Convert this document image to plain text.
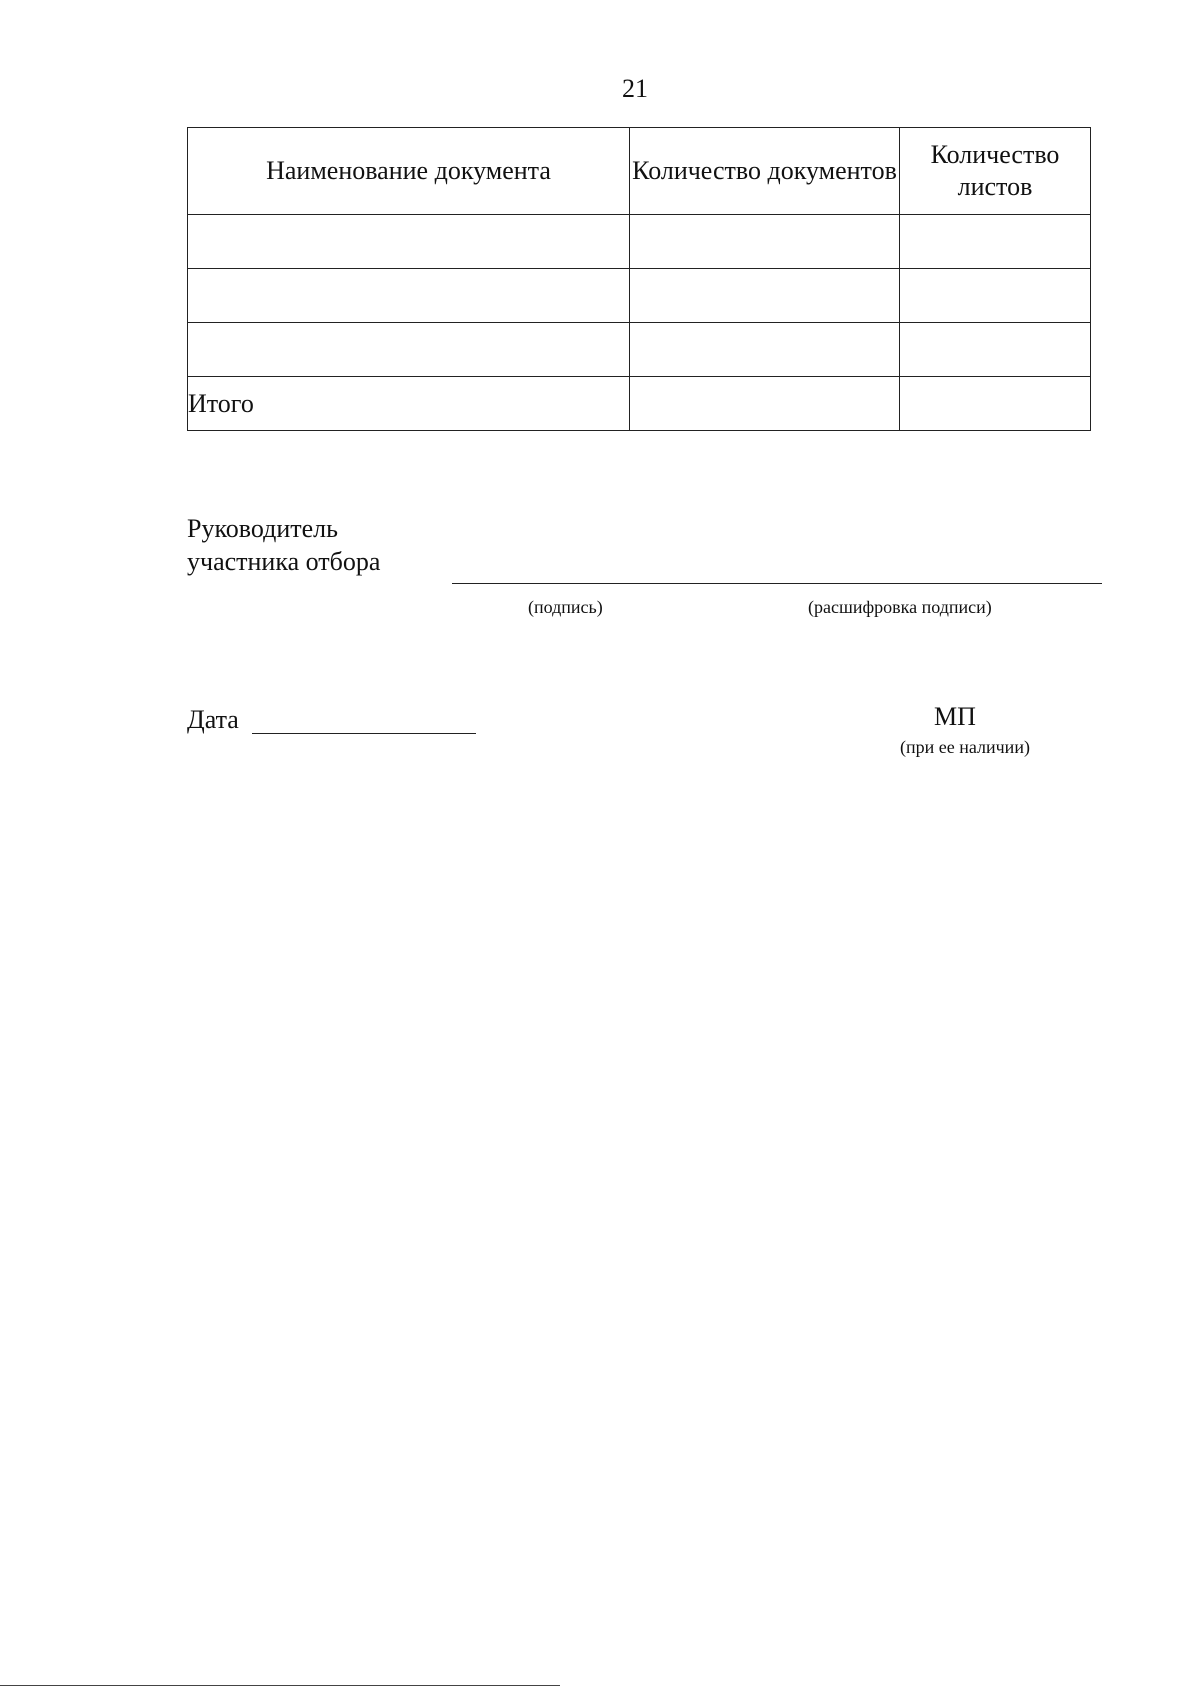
21
Наименование документа	Количество документов	Количество листов

Итого		
Руководитель
участника отбора
(подпись)	(расшифровка подписи)
Дата	МП
(при ее наличии)
